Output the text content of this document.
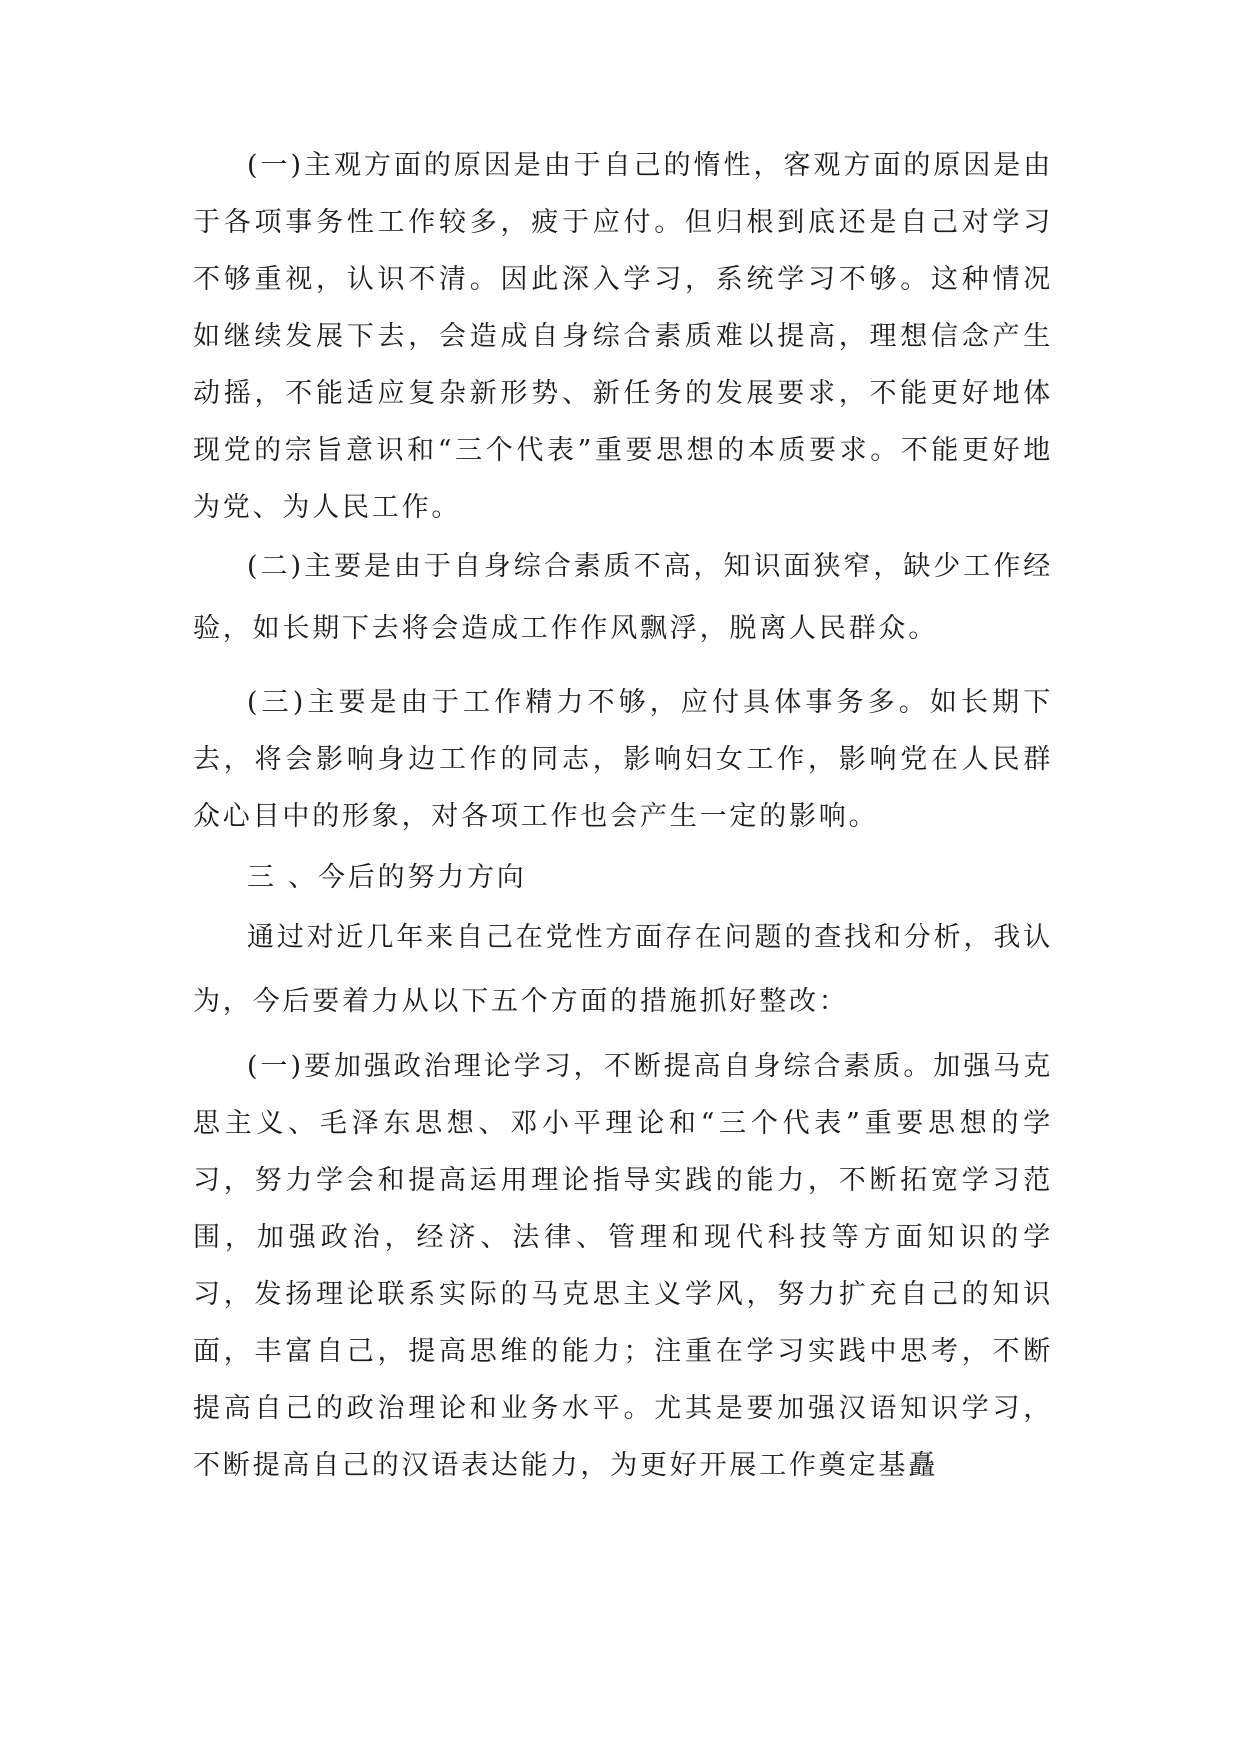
(一)主观方面的原因是由于自己的惰性，客观方面的原因是由于各项事务性工作较多，疲于应付。但归根到底还是自己对学习不够重视，认识不清。因此深入学习，系统学习不够。这种情况如继续发展下去，会造成自身综合素质难以提高，理想信念产生动摇，不能适应复杂新形势、新任务的发展要求，不能更好地体现党的宗旨意识和“三个代表”重要思想的本质要求。不能更好地为党、为人民工作。

(二)主要是由于自身综合素质不高，知识面狭窄，缺少工作经验，如长期下去将会造成工作作风飘浮，脱离人民群众。

(三)主要是由于工作精力不够，应付具体事务多。如长期下去，将会影响身边工作的同志，影响妇女工作，影响党在人民群众心目中的形象，对各项工作也会产生一定的影响。

三 、今后的努力方向

通过对近几年来自己在党性方面存在问题的查找和分析，我认为，今后要着力从以下五个方面的措施抓好整改：

(一)要加强政治理论学习，不断提高自身综合素质。加强马克思主义、毛泽东思想、邓小平理论和“三个代表”重要思想的学习，努力学会和提高运用理论指导实践的能力，不断拓宽学习范围，加强政治，经济、法律、管理和现代科技等方面知识的学习，发扬理论联系实际的马克思主义学风，努力扩充自己的知识面，丰富自己，提高思维的能力；注重在学习实践中思考，不断提高自己的政治理论和业务水平。尤其是要加强汉语知识学习，不断提高自己的汉语表达能力，为更好开展工作奠定基矗
